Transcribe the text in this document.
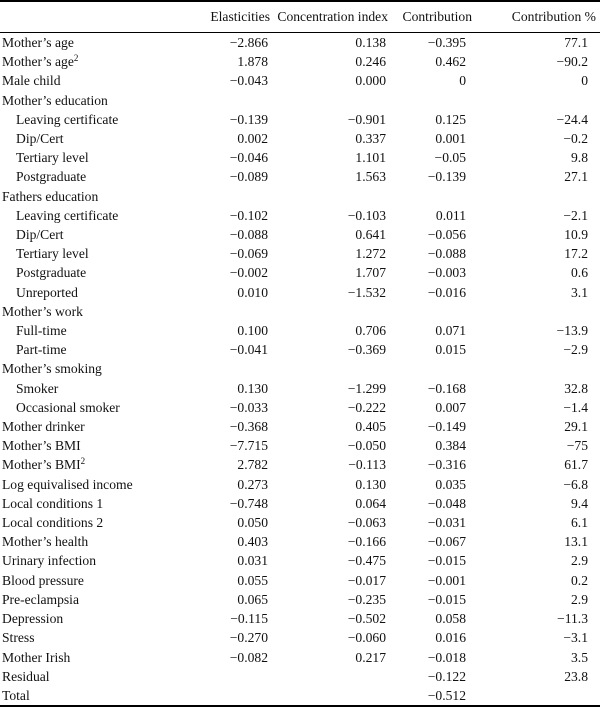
	Elasticities	Concentration index	Contribution	Contribution %
Mother’s age	−2.866	0.138	−0.395	77.1
Mother’s age$^2$	1.878	0.246	0.462	−90.2
Male child	−0.043	0.000	0	0
Mother’s education				
Leaving certificate	−0.139	−0.901	0.125	−24.4
Dip/Cert	0.002	0.337	0.001	−0.2
Tertiary level	−0.046	1.101	−0.05	9.8
Postgraduate	−0.089	1.563	−0.139	27.1
Fathers education				
Leaving certificate	−0.102	−0.103	0.011	−2.1
Dip/Cert	−0.088	0.641	−0.056	10.9
Tertiary level	−0.069	1.272	−0.088	17.2
Postgraduate	−0.002	1.707	−0.003	0.6
Unreported	0.010	−1.532	−0.016	3.1
Mother’s work				
Full-time	0.100	0.706	0.071	−13.9
Part-time	−0.041	−0.369	0.015	−2.9
Mother’s smoking				
Smoker	0.130	−1.299	−0.168	32.8
Occasional smoker	−0.033	−0.222	0.007	−1.4
Mother drinker	−0.368	0.405	−0.149	29.1
Mother’s BMI	−7.715	−0.050	0.384	−75
Mother’s BMI$^2$	2.782	−0.113	−0.316	61.7
Log equivalised income	0.273	0.130	0.035	−6.8
Local conditions 1	−0.748	0.064	−0.048	9.4
Local conditions 2	0.050	−0.063	−0.031	6.1
Mother’s health	0.403	−0.166	−0.067	13.1
Urinary infection	0.031	−0.475	−0.015	2.9
Blood pressure	0.055	−0.017	−0.001	0.2
Pre-eclampsia	0.065	−0.235	−0.015	2.9
Depression	−0.115	−0.502	0.058	−11.3
Stress	−0.270	−0.060	0.016	−3.1
Mother Irish	−0.082	0.217	−0.018	3.5
Residual			−0.122	23.8
Total			−0.512	
